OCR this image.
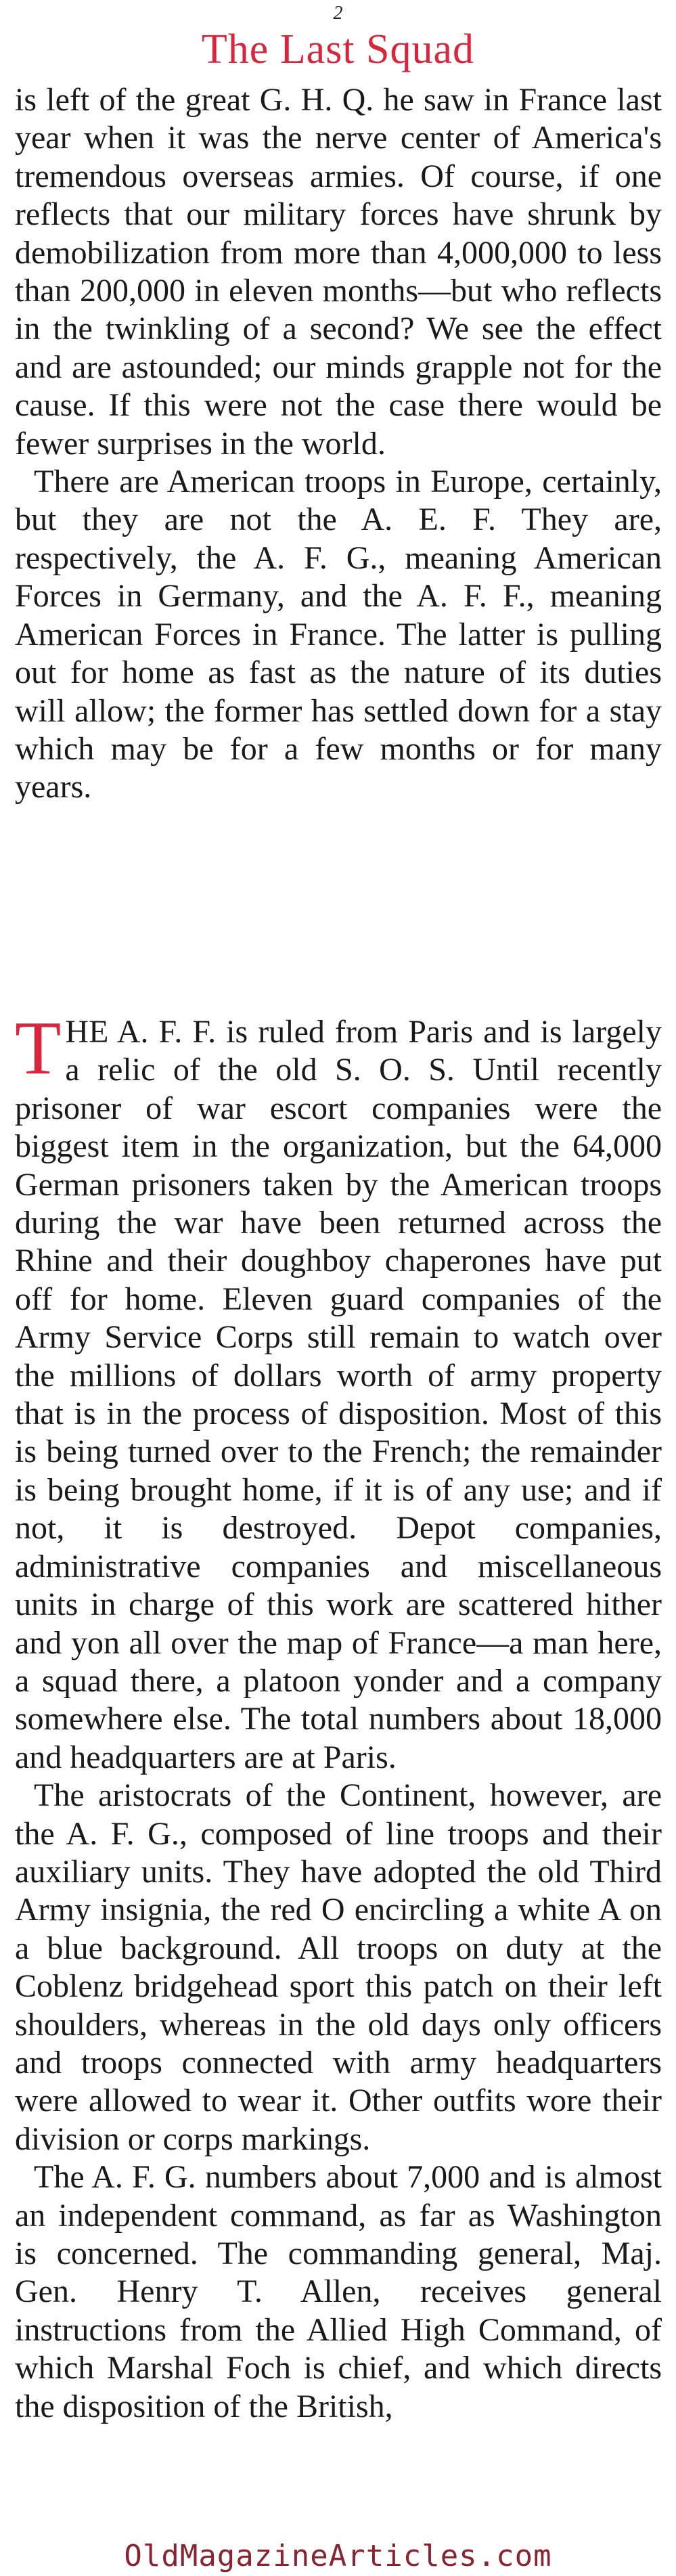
2
The Last Squad

is left of the great G. H. Q. he saw in France last year when it was the nerve center of America's tremendous overseas armies. Of course, if one reflects that our military forces have shrunk by demobilization from more than 4,000,000 to less than 200,000 in eleven months—but who reflects in the twinkling of a second? We see the effect and are astounded; our minds grapple not for the cause. If this were not the case there would be fewer surprises in the world.

There are American troops in Europe, certainly, but they are not the A. E. F. They are, respectively, the A. F. G., meaning American Forces in Germany, and the A. F. F., meaning American Forces in France. The latter is pulling out for home as fast as the nature of its duties will allow; the former has settled down for a stay which may be for a few months or for many years.

THE A. F. F. is ruled from Paris and is largely a relic of the old S. O. S. Until recently prisoner of war escort companies were the biggest item in the organization, but the 64,000 German prisoners taken by the American troops during the war have been returned across the Rhine and their doughboy chaperones have put off for home. Eleven guard companies of the Army Service Corps still remain to watch over the millions of dollars worth of army property that is in the process of disposition. Most of this is being turned over to the French; the remainder is being brought home, if it is of any use; and if not, it is destroyed. Depot companies, administrative companies and miscellaneous units in charge of this work are scattered hither and yon all over the map of France—a man here, a squad there, a platoon yonder and a company somewhere else. The total numbers about 18,000 and headquarters are at Paris.

The aristocrats of the Continent, however, are the A. F. G., composed of line troops and their auxiliary units. They have adopted the old Third Army insignia, the red O encircling a white A on a blue background. All troops on duty at the Coblenz bridgehead sport this patch on their left shoulders, whereas in the old days only officers and troops connected with army headquarters were allowed to wear it. Other outfits wore their division or corps markings.

The A. F. G. numbers about 7,000 and is almost an independent command, as far as Washington is concerned. The commanding general, Maj. Gen. Henry T. Allen, receives general instructions from the Allied High Command, of which Marshal Foch is chief, and which directs the disposition of the British,

OldMagazineArticles.com
